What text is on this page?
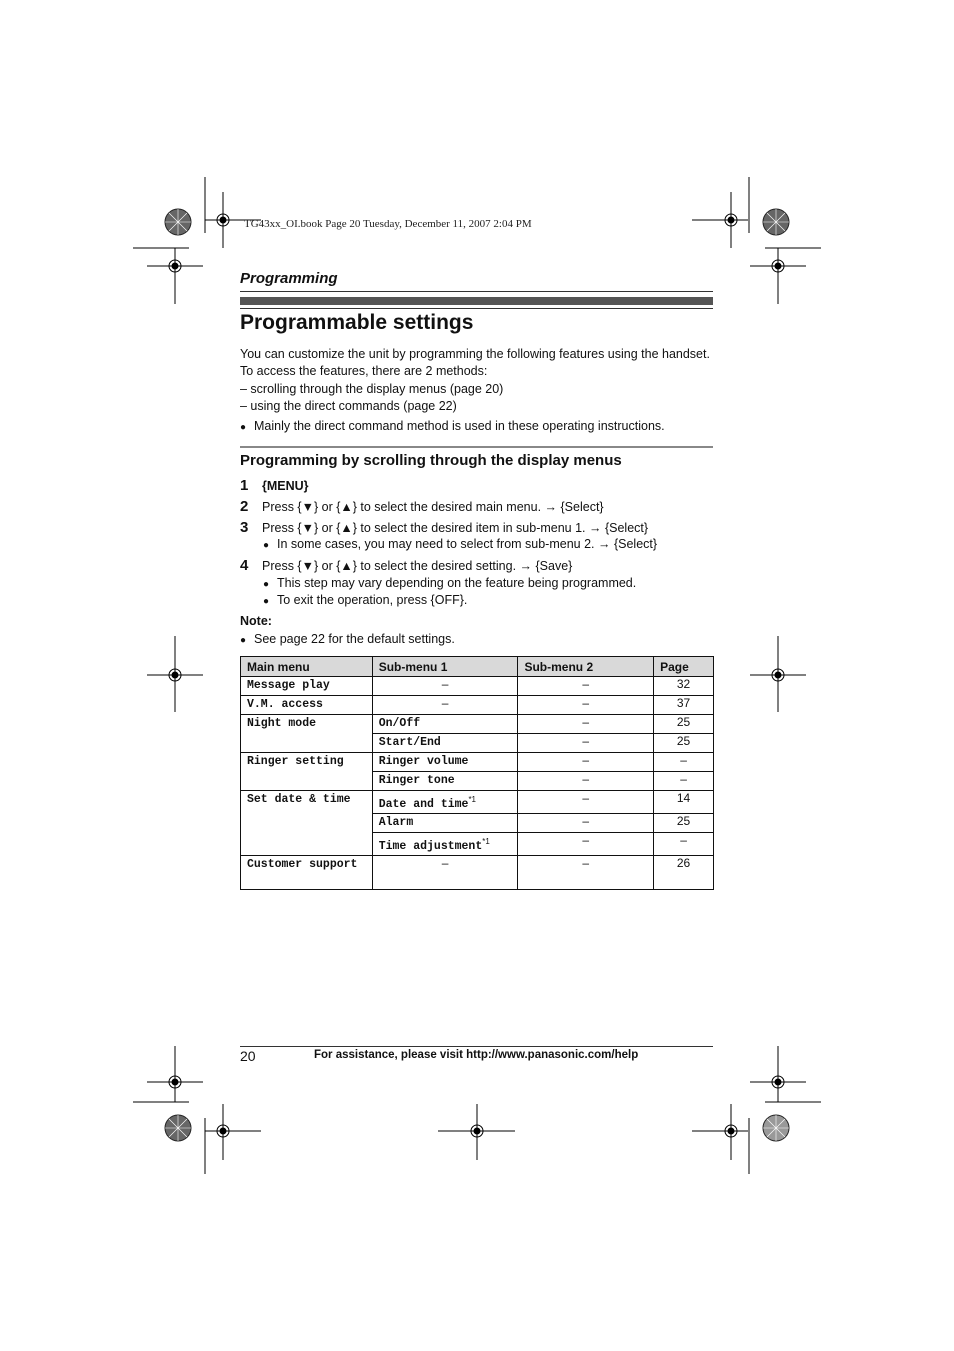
TG43xx_OI.book Page 20 Tuesday, December 11, 2007 2:04 PM
Programming
Programmable settings

You can customize the unit by programming the following features using the handset.

To access the features, there are 2 methods:

– scrolling through the display menus (page 20)

– using the direct commands (page 22)

● Mainly the direct command method is used in these operating instructions.
Programming by scrolling through the display menus
1 {MENU}
2 Press {▼} or {▲} to select the desired main menu. → {Select}
3 Press {▼} or {▲} to select the desired item in sub-menu 1. → {Select}
● In some cases, you may need to select from sub-menu 2. → {Select}
4 Press {▼} or {▲} to select the desired setting. → {Save}
● This step may vary depending on the feature being programmed.
● To exit the operation, press {OFF}.
Note:
● See page 22 for the default settings.
Main menu	Sub-menu 1	Sub-menu 2	Page
Message play	–	–	32
V.M. access	–	–	37
Night mode	On/Off	–	25
	Start/End	–	25
Ringer setting	Ringer volume	–	–
	Ringer tone	–	–
Set date & time	Date and time$^{*1}$	–	14
	Alarm	–	25
	Time adjustment$^{*1}$	–	–
Customer support	–	–	26
20	For assistance, please visit http://www.panasonic.com/help
